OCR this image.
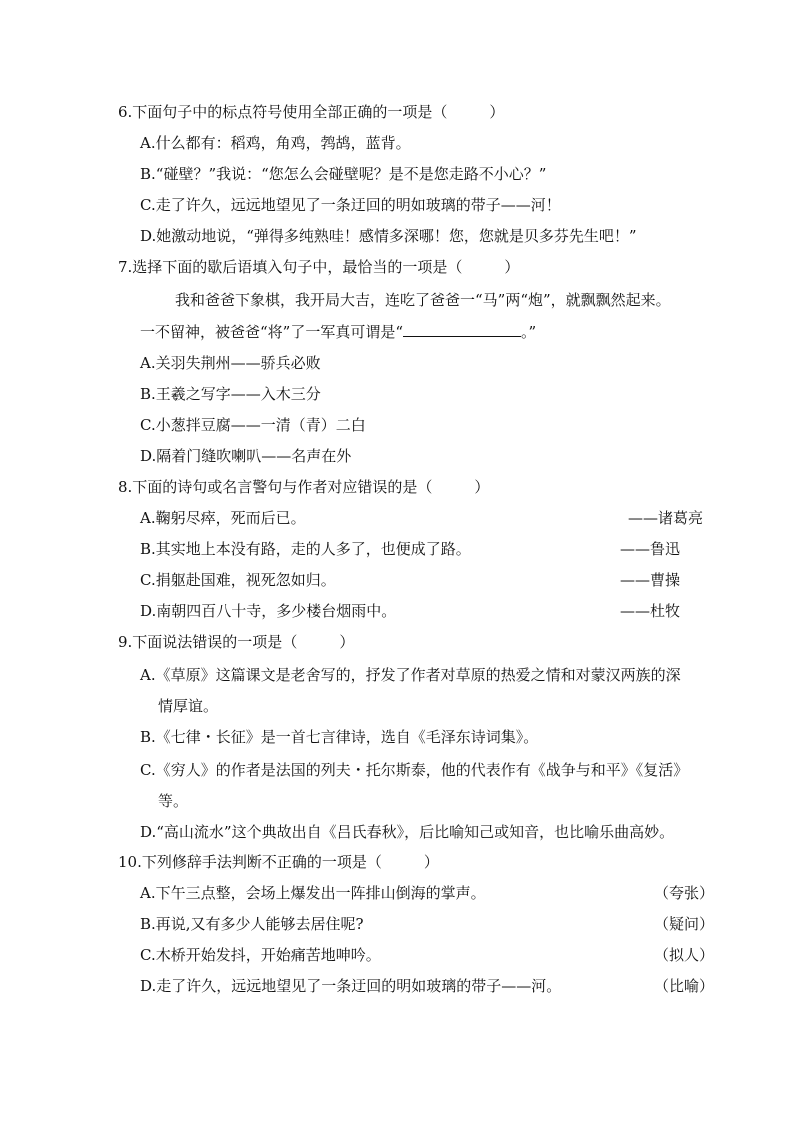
6.下面句子中的标点符号使用全部正确的一项是（	）
A.什么都有：稻鸡，角鸡，鹁鸪，蓝背。
B.“碰壁？”我说：“您怎么会碰壁呢？是不是您走路不小心？”
C.走了许久，远远地望见了一条迂回的明如玻璃的带子——河！
D.她激动地说，“弹得多纯熟哇！感情多深哪！您，您就是贝多芬先生吧！”
7.选择下面的歇后语填入句子中，最恰当的一项是（	）
我和爸爸下象棋，我开局大吉，连吃了爸爸一“马”两“炮”，就飘飘然起来。
一不留神，被爸爸“将”了一军真可谓是“	。”
A.关羽失荆州——骄兵必败
B.王羲之写字——入木三分
C.小葱拌豆腐——一清（青）二白
D.隔着门缝吹喇叭——名声在外
8.下面的诗句或名言警句与作者对应错误的是（	）
A.鞠躬尽瘁，死而后已。	——诸葛亮
B.其实地上本没有路，走的人多了，也便成了路。	——鲁迅
C.捐躯赴国难，视死忽如归。	——曹操
D.南朝四百八十寺，多少楼台烟雨中。	——杜牧
9.下面说法错误的一项是（	）
A.《草原》这篇课文是老舍写的，抒发了作者对草原的热爱之情和对蒙汉两族的深
情厚谊。
B.《七律・长征》是一首七言律诗，选自《毛泽东诗词集》。
C.《穷人》的作者是法国的列夫・托尔斯泰，他的代表作有《战争与和平》《复活》
等。
D.“高山流水”这个典故出自《吕氏春秋》，后比喻知己或知音，也比喻乐曲高妙。
10.下列修辞手法判断不正确的一项是（	）
A.下午三点整，会场上爆发出一阵排山倒海的掌声。	（夸张）
B.再说,又有多少人能够去居住呢?	（疑问）
C.木桥开始发抖，开始痛苦地呻吟。	（拟人）
D.走了许久，远远地望见了一条迂回的明如玻璃的带子——河。	（比喻）
